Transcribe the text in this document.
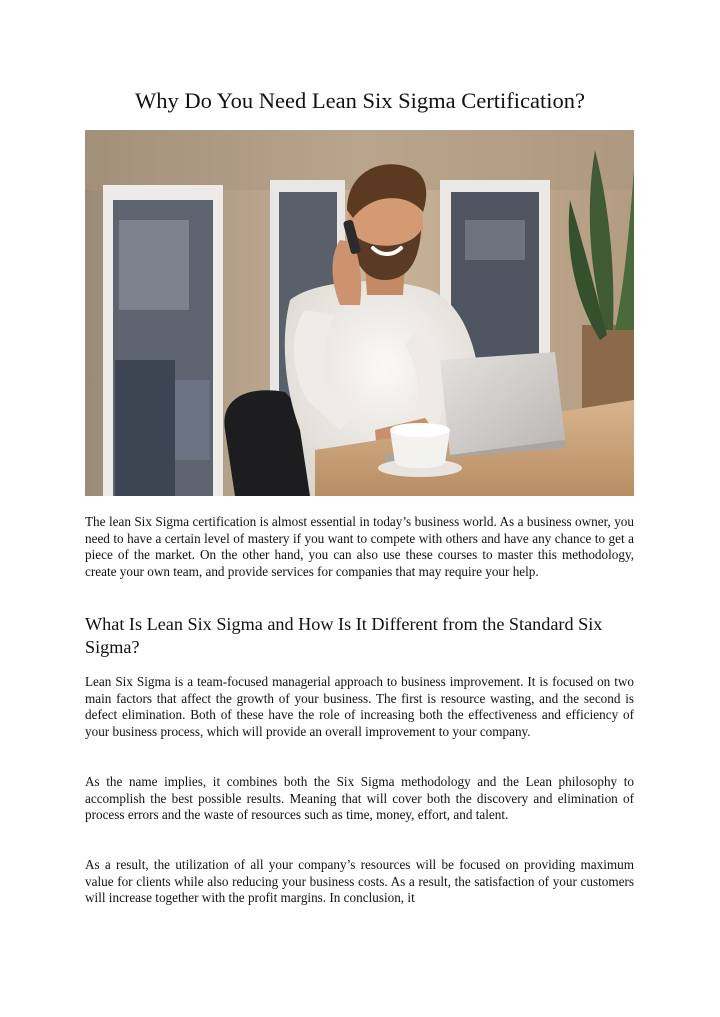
Why Do You Need Lean Six Sigma Certification?

The lean Six Sigma certification is almost essential in today’s business world. As a business owner, you need to have a certain level of mastery if you want to compete with others and have any chance to get a piece of the market. On the other hand, you can also use these courses to master this methodology, create your own team, and provide services for companies that may require your help.

What Is Lean Six Sigma and How Is It Different from the Standard Six Sigma?

Lean Six Sigma is a team-focused managerial approach to business improvement. It is focused on two main factors that affect the growth of your business. The first is resource wasting, and the second is defect elimination. Both of these have the role of increasing both the effectiveness and efficiency of your business process, which will provide an overall improvement to your company.

As the name implies, it combines both the Six Sigma methodology and the Lean philosophy to accomplish the best possible results. Meaning that will cover both the discovery and elimination of process errors and the waste of resources such as time, money, effort, and talent.

As a result, the utilization of all your company’s resources will be focused on providing maximum value for clients while also reducing your business costs. As a result, the satisfaction of your customers will increase together with the profit margins. In conclusion, it
